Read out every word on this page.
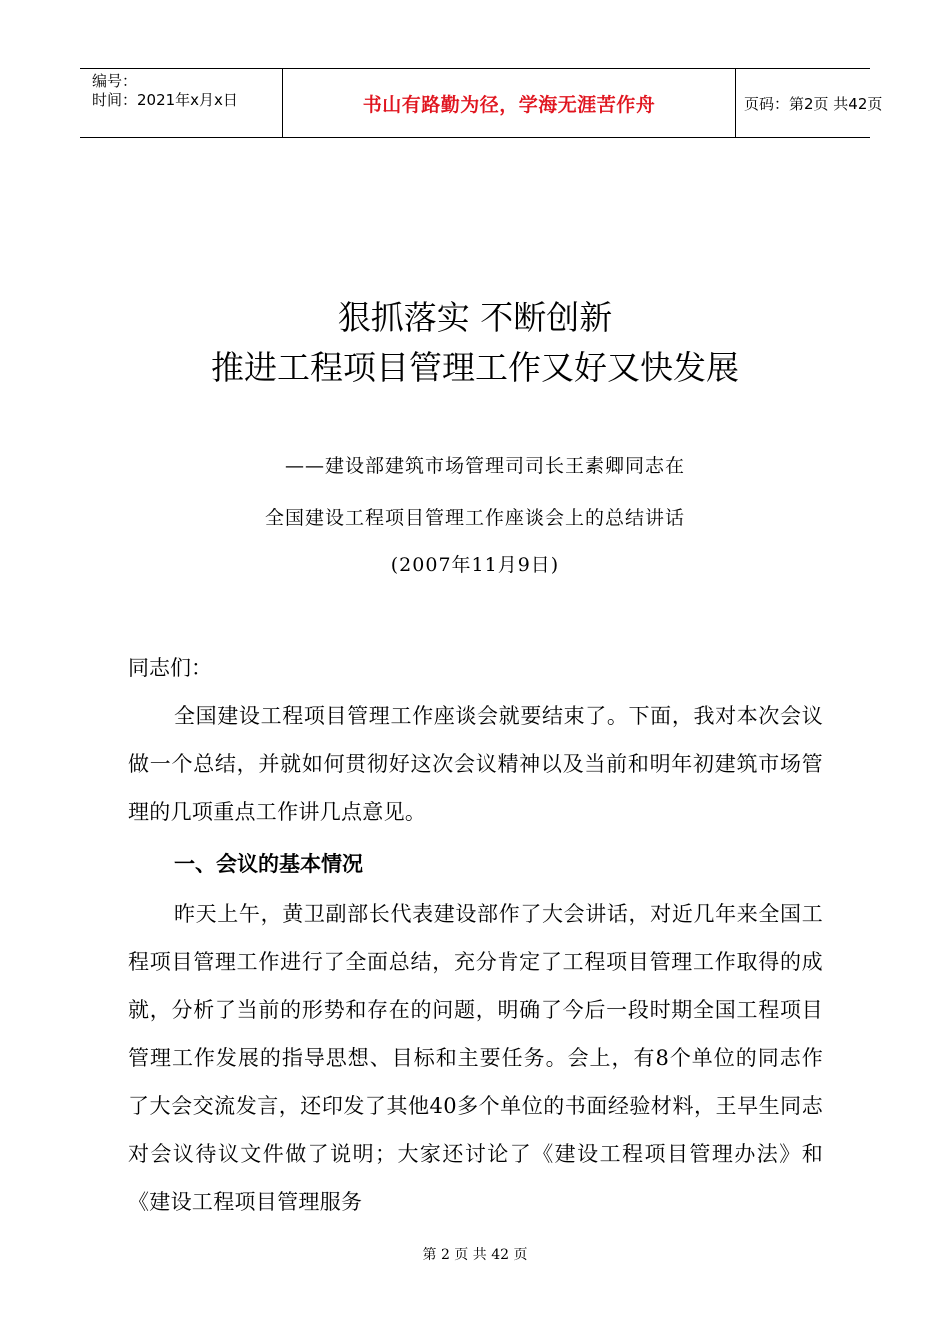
编号：
时间：2021年x月x日	书山有路勤为径，学海无涯苦作舟	页码：第2页 共42页
狠抓落实 不断创新
推进工程项目管理工作又好又快发展
——建设部建筑市场管理司司长王素卿同志在
全国建设工程项目管理工作座谈会上的总结讲话
(2007年11月9日)
同志们：
全国建设工程项目管理工作座谈会就要结束了。下面，我对本次会议做一个总结，并就如何贯彻好这次会议精神以及当前和明年初建筑市场管理的几项重点工作讲几点意见。
一、会议的基本情况
昨天上午，黄卫副部长代表建设部作了大会讲话，对近几年来全国工程项目管理工作进行了全面总结，充分肯定了工程项目管理工作取得的成就，分析了当前的形势和存在的问题，明确了今后一段时期全国工程项目管理工作发展的指导思想、目标和主要任务。会上，有8个单位的同志作了大会交流发言，还印发了其他40多个单位的书面经验材料，王早生同志对会议待议文件做了说明；大家还讨论了《建设工程项目管理办法》和《建设工程项目管理服务
第 2 页 共 42 页
